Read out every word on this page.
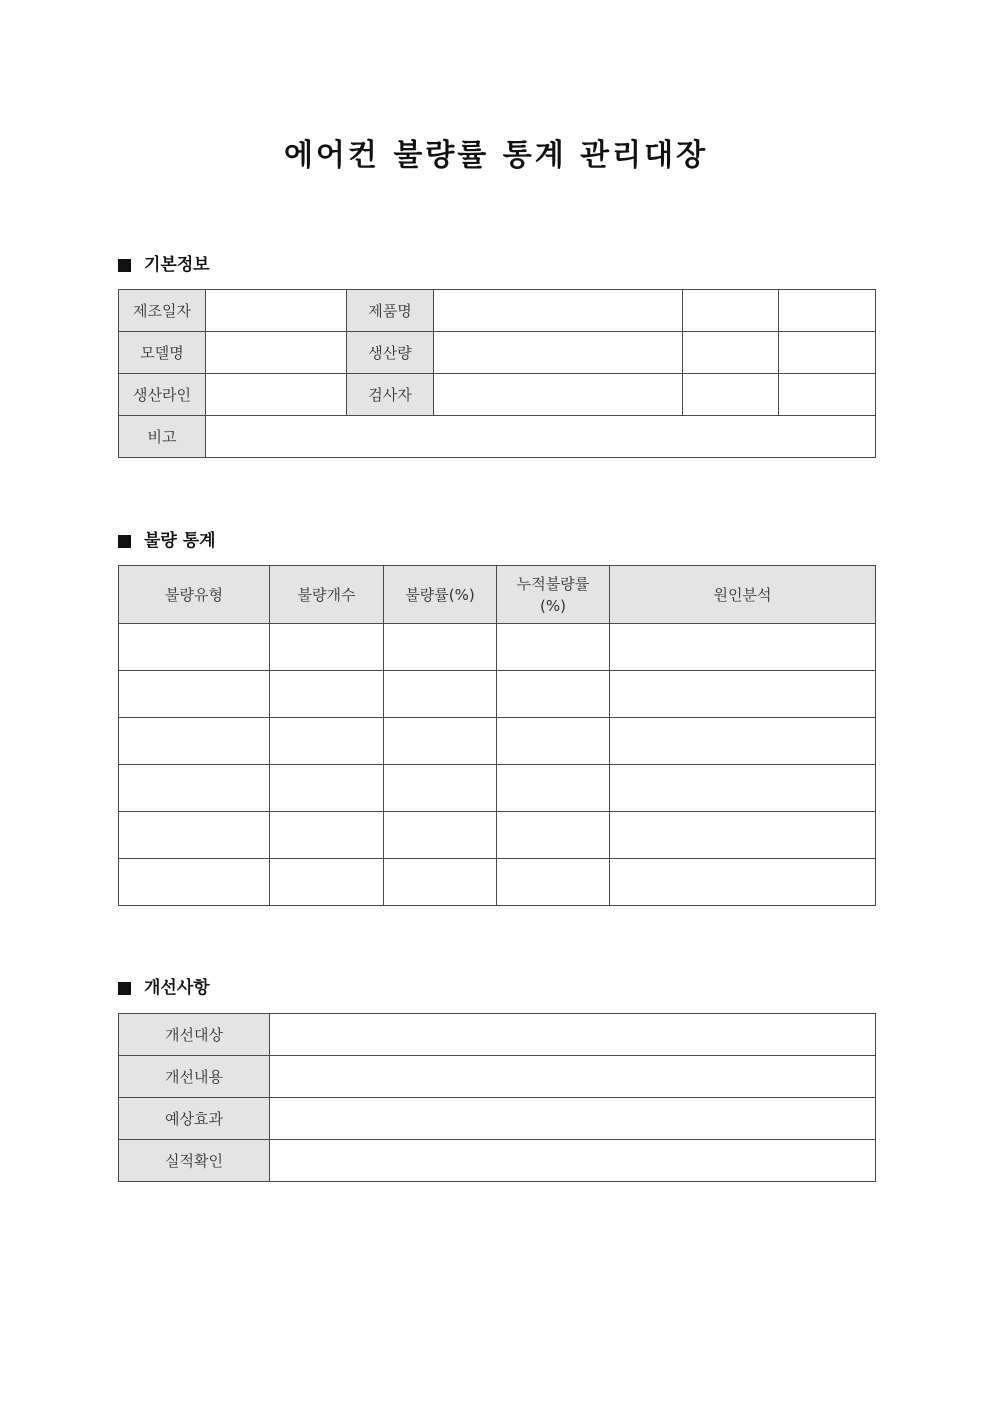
에어컨 불량률 통계 관리대장
기본정보
제조일자		제품명			
모델명		생산량			
생산라인		검사자			
비고					
불량 통계
불량유형	불량개수	불량률(%)	누적불량률(%)	원인분석

개선사항
개선대상	
개선내용	
예상효과	
실적확인	
